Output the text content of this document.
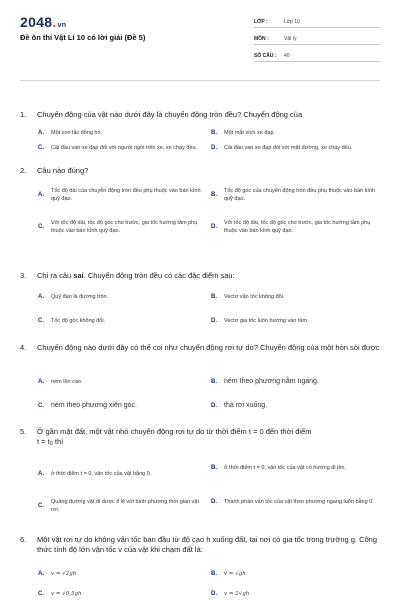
2048.vn
Đề ôn thi Vật Lí 10 có lời giải (Đề 5)
LỚP :	Lớp 10
MÔN :	Vật lý
SỐ CÂU :	40
1.	Chuyển động của vật nào dưới đây là chuyển động tròn đều? Chuyển động của
A.	Một con lắc đồng hồ.	B.	Một mắt xích xe đạp.
C.	Cái đầu van xe đạp đối với người ngồi trên xe, xe chạy đều.	D.	Cái đầu van xe đạp đối với mặt đường, xe chạy đều.
2.	Câu nào đúng?
A.
Tốc độ dài của chuyển động tròn đều phụ thuộc vào bán kính quỹ đạo.
B.
Tốc độ góc của chuyển động tròn đều phụ thuộc vào bán kính quỹ đạo.
C.
Với tốc độ dài, tốc độ góc cho trước, gia tốc hướng tâm phụ thuộc vào bán kính quỹ đạo.
D.
Với tốc độ dài, tốc độ góc cho trước, gia tốc hướng tâm phụ thuộc vào bán kính quỹ đạo.
3.	Chỉ ra câu sai. Chuyển động tròn đều có các đặc điểm sau:
A.	Quỹ đạo là đường tròn.	B.	Vectơ vận tốc không đổi.
C.	Tốc độ góc không đổi.	D.	Vectơ gia tốc luôn hướng vào tâm.
4.	Chuyển động nào dưới đây có thể coi như chuyển động rơi tự do? Chuyển động của một hòn sỏi được
A.	ném lên cao.	B.	ném theo phương nằm ngang.
C.	ném theo phương xiên góc.	D.	thả rơi xuống.
5.	Ở gần mặt đất, một vật nhỏ chuyển động rơi tự do từ thời điểm t = 0 đến thời điểm
$t = t_0$ thì
A.	ở thời điểm t = 0, vận tốc của vật bằng 0.
B.	ở thời điểm t = 0, vận tốc của vật có hướng đi lên.
C.
Quãng đường vật đi được tỉ lệ với bình phương thời gian vật rơi.
D.	Thành phần vận tốc của vật theo phương ngang luôn bằng 0.
6.	Một vật rơi tự do không vận tốc ban đầu từ độ cao h xuống đất, tại nơi có gia tốc trọng trường g. Công thức tính độ lớn vận tốc v của vật khi chạm đất là:
A.	v = √2gh	B.	v = √gh
C.	v = √0,5gh	D.	v = 2√gh
